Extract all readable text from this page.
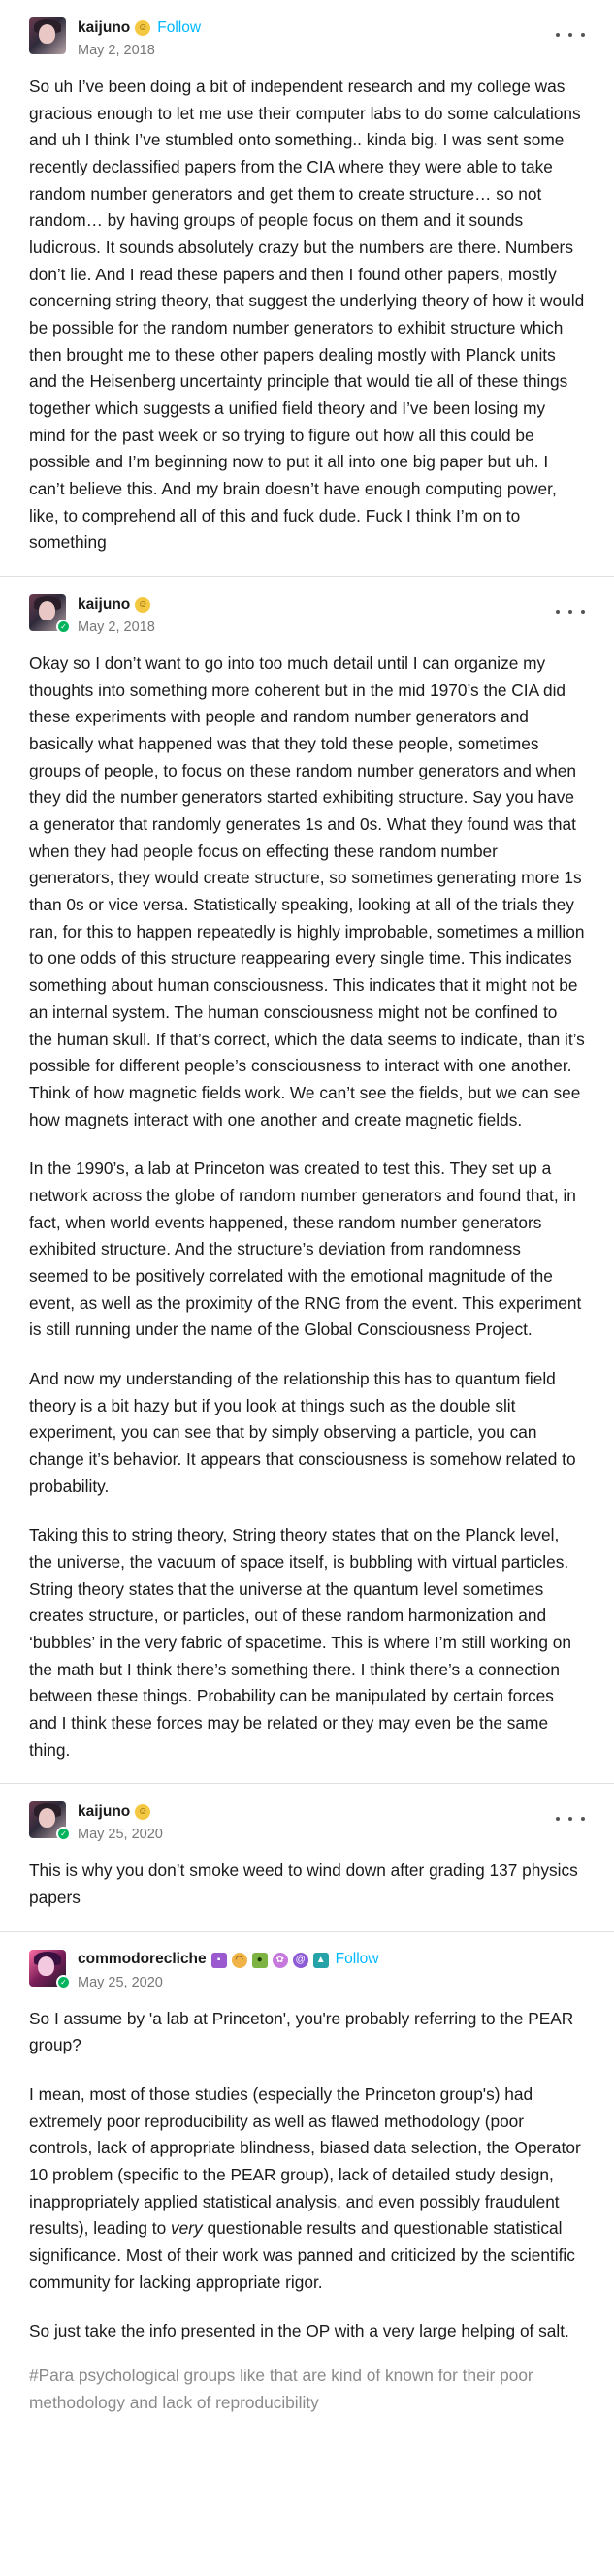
kaijuno ☺ Follow
May 2, 2018

So uh I’ve been doing a bit of independent research and my college was gracious enough to let me use their computer labs to do some calculations and uh I think I’ve stumbled onto something.. kinda big. I was sent some recently declassified papers from the CIA where they were able to take random number generators and get them to create structure… so not random… by having groups of people focus on them and it sounds ludicrous. It sounds absolutely crazy but the numbers are there. Numbers don’t lie. And I read these papers and then I found other papers, mostly concerning string theory, that suggest the underlying theory of how it would be possible for the random number generators to exhibit structure which then brought me to these other papers dealing mostly with Planck units and the Heisenberg uncertainty principle that would tie all of these things together which suggests a unified field theory and I’ve been losing my mind for the past week or so trying to figure out how all this could be possible and I’m beginning now to put it all into one big paper but uh. I can’t believe this. And my brain doesn’t have enough computing power, like, to comprehend all of this and fuck dude. Fuck I think I’m on to something

✓
kaijuno ☺
May 2, 2018

Okay so I don’t want to go into too much detail until I can organize my thoughts into something more coherent but in the mid 1970’s the CIA did these experiments with people and random number generators and basically what happened was that they told these people, sometimes groups of people, to focus on these random number generators and when they did the number generators started exhibiting structure. Say you have a generator that randomly generates 1s and 0s. What they found was that when they had people focus on effecting these random number generators, they would create structure, so sometimes generating more 1s than 0s or vice versa. Statistically speaking, looking at all of the trials they ran, for this to happen repeatedly is highly improbable, sometimes a million to one odds of this structure reappearing every single time. This indicates something about human consciousness. This indicates that it might not be an internal system. The human consciousness might not be confined to the human skull. If that’s correct, which the data seems to indicate, than it’s possible for different people’s consciousness to interact with one another. Think of how magnetic fields work. We can’t see the fields, but we can see how magnets interact with one another and create magnetic fields.

In the 1990’s, a lab at Princeton was created to test this. They set up a network across the globe of random number generators and found that, in fact, when world events happened, these random number generators exhibited structure. And the structure’s deviation from randomness seemed to be positively correlated with the emotional magnitude of the event, as well as the proximity of the RNG from the event. This experiment is still running under the name of the Global Consciousness Project.

And now my understanding of the relationship this has to quantum field theory is a bit hazy but if you look at things such as the double slit experiment, you can see that by simply observing a particle, you can change it’s behavior. It appears that consciousness is somehow related to probability.

Taking this to string theory, String theory states that on the Planck level, the universe, the vacuum of space itself, is bubbling with virtual particles. String theory states that the universe at the quantum level sometimes creates structure, or particles, out of these random harmonization and ‘bubbles’ in the very fabric of spacetime. This is where I’m still working on the math but I think there’s something there. I think there’s a connection between these things. Probability can be manipulated by certain forces and I think these forces may be related or they may even be the same thing.

✓
kaijuno ☺
May 25, 2020

This is why you don’t smoke weed to wind down after grading 137 physics papers

✓
commodorecliche	▪	◠	●	✿	@	▲ Follow
May 25, 2020

So I assume by 'a lab at Princeton', you're probably referring to the PEAR group?

I mean, most of those studies (especially the Princeton group's) had extremely poor reproducibility as well as flawed methodology (poor controls, lack of appropriate blindness, biased data selection, the Operator 10 problem (specific to the PEAR group), lack of detailed study design, inappropriately applied statistical analysis, and even possibly fraudulent results), leading to very questionable results and questionable statistical significance. Most of their work was panned and criticized by the scientific community for lacking appropriate rigor.

So just take the info presented in the OP with a very large helping of salt.

#Para psychological groups like that are kind of known for their poor methodology and lack of reproducibility
